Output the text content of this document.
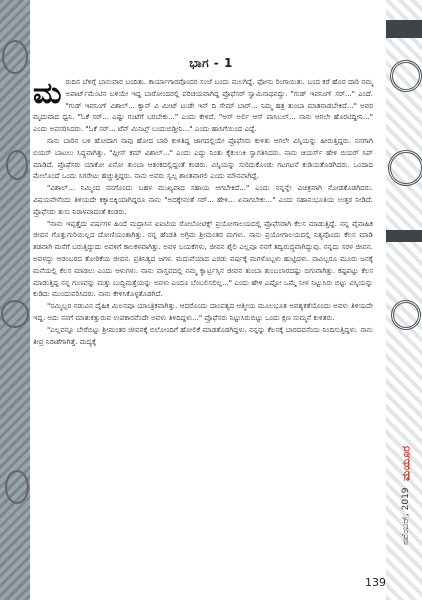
ನವೆಂಬರ್, 2019
ಮಯೂರ
ಭಾಗ - 1

ಮರುದಿನ ಬೆಳಿಗ್ಗೆ ಭಾನುವಾರ ಬಂದಿತು. ಕಾರ್ಯಾಗಾರವೊಂದರ ಸಂಜೆ ಬಂದು ಮಲಗಿದ್ದೆ. ಫೋನು ರಿಂಗಾಯಿತು. ಬಂದ ಕರೆ ಹೊರ ದಾರಿ ನಮ್ಮ ಅಪಾರ್ಟ್‌ಮೆಂಟಿನ ಬಳಿಯೇ ಇದ್ದ ಬಾರೋಂದರಲ್ಲಿ ಪರಿಚಯವಾಗಿದ್ದ ಪ್ರೊಫೆಸರ್ ಸ್ವಾಮಿನಾಥನದ್ದು. "ಗುಡ್ ಇವನಿಂಗ್ ಸರ್..." ಎಂದೆ. "ಗುಡ್ ಇವನಿಂಗ್ ವಿಶಾಲ್... ಕ್ಯಾನ್ ವಿ ಮೀಟ್ ಟುಡೇ ಇನ್ ದಿ ಸೇಮ್ ಬಾರ್... ನಿಮ್ಮ ಹತ್ರ ತುಂಬಾ ಮಾತನಾಡಬೇಕಿದೆ..." ಅವರ ಮೃದುವಾದ ಧ್ವನಿ. "ಓಕೆ ಸರ್... ಎಷ್ಟು ಗಂಟೆಗೆ ಬರಬೇಕು..." ಎಂದು ಕೇಳಿದೆ. "ಆಸ್ ಅರ್ಲಿ ಆಸ್ ಪಾಸಿಬಲ್... ನಾನು ಆಗಲೇ ಹೊರಟಿದ್ದೀನಿ..." ಎಂದು ಅವಸರಿಸಿದರು. "ಓಕೆ ಸರ್... ಟೆನ್ ಮಿನಿಟ್ಸ್ ಬಂದುಬಿಡ್ತೀನಿ..." ಎಂದು ಹಾಸಿಗೆಯಿಂದ ಎದ್ದೆ.

ನಾನು ಬಾರಿನ ಬಳಿ ಹೋದಾಗ ನಾವು ಹೋದ ಬಾರಿ ಕುಳಿತಿದ್ದ ಜಾಗದಲ್ಲಿಯೇ ಪ್ರೊಫೆಸರು ಕುಳಿತು ಆಗಲೇ ವಿಸ್ಕಿಯನ್ನು ಹೀರುತ್ತಿದ್ದರು. ನನಗಾಗಿ ಬಿಯರ್ ಬಾಟಲು ಸಿದ್ಧವಾಗಿತ್ತು. "ಪ್ಲೀಸ್ ಕಮ್ ವಿಶಾಲ್..." ಎಂದು ಎದ್ದು ನಿಂತು ಕೈಕುಲುಕಿ ಸ್ವಾಗತಿಸಿದರು. ನಾನು ಚಿಯರ್ಸ್ ಹೇಳಿ ಬಿಯರ್ ಸಿಪ್ ಮಾಡಿದೆ. ಪ್ರೊಫೆಸರು ಯಾಕೋ ಏನೋ ತುಂಬಾ ಆತಂಕದಲ್ಲಿದ್ದಂತೆ ಕಂಡರು. ವಿಸ್ಕಿಯನ್ನು ಸುರಿದುಕೊಂಡು ಗಟಗಟನೆ ಕುಡಿಯತೊಡಗಿದರು. ಒಂದಾದ ಮೇಲೊಂದೆ ಒಂದು ಸಿಗರೇಟು ಹಚ್ಚುತ್ತಿದ್ದರು. ನಾನು ಅವರು ಸ್ವಲ್ಪ ಶಾಂತವಾಗಲಿ ಎಂದು ಮೌನವಾಗಿದ್ದೆ.

"ವಿಶಾಲ್... ನಿಮ್ಮಿಂದ ನನಗೊಂದು ಬಹಳ ಮುಖ್ಯವಾದ ಸಹಾಯ ಆಗಬೇಕಿದೆ..." ಎಂದು ನನ್ನನ್ನೇ ವಿಚಿತ್ರವಾಗಿ ನೋಡತೊಡಗಿದರು. ವಿಷಯವೇನೆಂದು ತಿಳಿಯದೇ ಕಕ್ಕಾಬಿಕ್ಕಿಯಾಗಿದ್ದರೂ ನಾನು "ಅದಕ್ಕೇನಂತೆ ಸರ್... ಹೇಳಿ... ಏನಾಗಬೇಕು..." ಎಂದು ಸಹಾನುಭೂತಿಯ ಉತ್ತರ ನೀಡಿದೆ. ಪ್ರೊಫೆಸರು ತುಸು ನಿರಾಳವಾದಂತೆ ಕಂಡರು.

"ನಾನು ಇಪ್ಪತ್ತೈದು ವರ್ಷಗಳ ಹಿಂದೆ ಮದ್ರಾಸಿನ ಐಐಟಿಯ ರೋಬೋಟಿಕ್ಸ್ ಪ್ರಯೋಗಾಲಯದಲ್ಲಿ ಪ್ರೊಫೆಸರಾಗಿ ಕೆಲಸ ಮಾಡುತ್ತಿದ್ದೆ. ನನ್ನ ವೈವಾಹಿಕ ಜೀವನ ಗೊತ್ತುಗುರಿಯಿಲ್ಲದ ದೋಣಿಯಂತಾಗಿತ್ತು. ನನ್ನ ಹೆಂಡತಿ ಅಗ್ರಿಮ ಶ್ರೀಮಂತರ ಮಗಳು. ನಾನು ಪ್ರಯೋಗಾಲಯದಲ್ಲಿ ನಿತ್ಯವೊಂದು ಕೆಲಸ ಮಾಡಿ ತಡವಾಗಿ ಮನೆಗೆ ಬರುತ್ತಿದ್ದುದು ಅವಳಿಗೆ ಕಾಲಕಳವಾಗಿತ್ತು. ಅವಳ ಬಯಕೆಗಳು, ಜೀವನ ಶೈಲಿ ಎಲ್ಲವೂ ನನಗೆ ತದ್ವಿರುದ್ಧವಾಗಿದ್ದುವು. ನನ್ನದು ಸರಳ ಜೀವನ. ಅವಳದ್ದು ಆಡಂಬರದ ತೋರಿಕೆಯ ಜೀವನ. ಪ್ರತಿನಿತ್ಯದ ಜಗಳ. ಮದುವೆಯಾದ ಎರಡು ವರ್ಷಕ್ಕೆ ಮಗಳೊಬ್ಬಳು ಹುಟ್ಟಿದಳು. ನಾವಿಬ್ಬರೂ ಮೂರು ಜನಕ್ಕೆ ಮನೆಯಲ್ಲಿ ಕೆಲಸ ಮಾಡಲು ಎಂದು ಆಳುಗಳು. ನಾನು ವಾಸ್ತವದಲ್ಲಿ ನಮ್ಮ ಕ್ವಾರ್ಟ್ರಸ್ಸಿನ ಜೀವನ ತುಂಬಾ ತುಂಬಲಾರದಷ್ಟು ಬಿಗುವಾಗಿತ್ತು. ಕಷ್ಟಪಟ್ಟು ಕೆಲಸ ಮಾಡುತ್ತಿದ್ದ ನನ್ನ ಗುಣವನ್ನು ಮತ್ತು ಬುದ್ಧಿಮತ್ತೆಯನ್ನು ಅವಳು ಎಂದೂ ಬೆಂಬಲಿಸಲಿಲ್ಲ..." ಎಂದು ಹೇಳಿ ಎಷ್ಟೋ ಒಮ್ಮೆ ನೀಳ ನಿಟ್ಟುಸಿರು ಬಿಟ್ಟು ವಿಸ್ಕಿಯನ್ನು ಕುಡಿದು ಮುಂದುವರಿಸಿದರು. ನಾನು ಕೇಳಿಸಿಕೊಳ್ಳತೊಡಗಿದೆ.

"ನಮ್ಮಿಬ್ಬರ ನಡುವಿನ ದೈಹಿಕ ಮಿಲನವೂ ಯಾಂತ್ರಿಕವಾಗಿತ್ತು. ಆದರೊಂದು ದಾಂಪತ್ಯದ ಆತ್ಮೀಯ ಮೂಲಭೂತ ಅವಶ್ಯಕತೆಯೊಂದು ಅವಳು ತಿಳಿಯದೇ ಇದ್ದ. ಅದು ನನಗೆ ಮಾತುಕತ್ತುರುವ ಉಪಕಾರವೆಂದೇ ಅವಳು ತಿಳಿದಿದ್ದಳು..." ಪ್ರೊಫೆಸರು ನಿಟ್ಟುಸಿರುಬಿಟ್ಟು ಒಂದು ಕ್ಷಣ ಸುಮ್ಮನೆ ಕುಳಿತರು.

"ಎಲ್ಲವನ್ನೂ ಬೇರೆಬಿಟ್ಟು ಶ್ರೀಮಂತರ ಜೀವನಕ್ಕೆ ಬಿಲೋಂದಿಗೆ ಹೋಲಿಕೆ ಮಾಡತೊಡಗಿದ್ದಳು. ನನ್ನನ್ನು ಕೆಲಸಕ್ಕೆ ಬಾರದವನೆಂದು ನಿಂದಿಸುತ್ತಿದ್ದಳು. ನಾನು ತೀವ್ರ ನಿರಾಶೆಗಾಗಿತ್ತೆ. ಮದ್ಯಕ್ಕೆ

139
